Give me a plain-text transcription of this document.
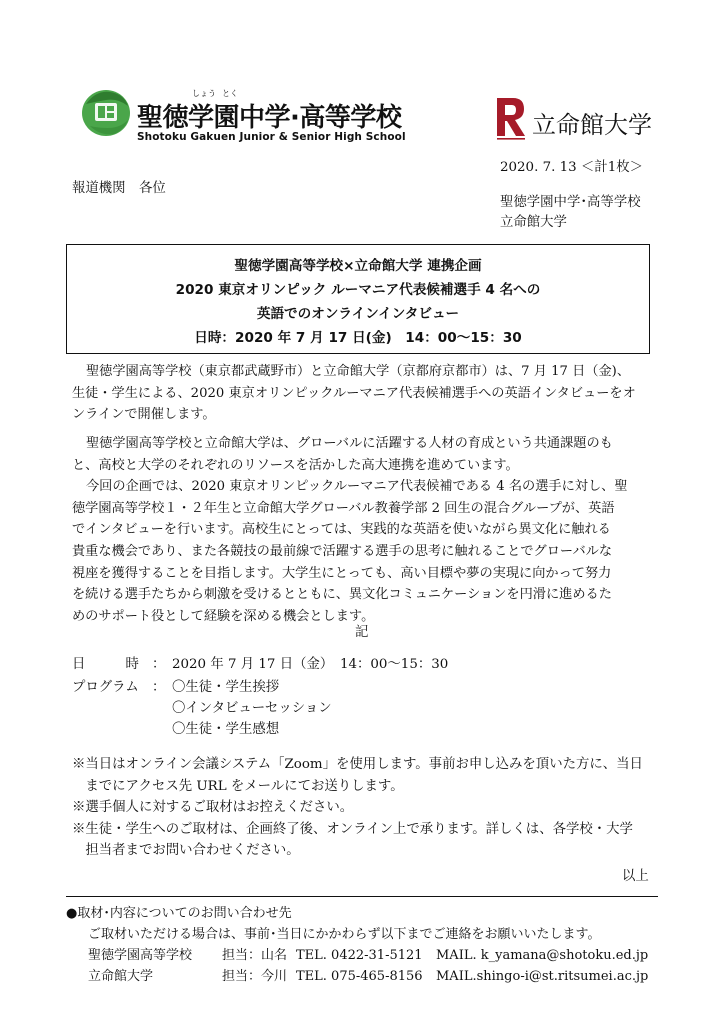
しょう とく
聖徳学園中学·高等学校
Shotoku Gakuen Junior & Senior High School	立命館大学
2020. 7. 13 ＜計1枚＞
報道機関　各位
聖徳学園中学･高等学校
立命館大学
聖徳学園高等学校×立命館大学 連携企画
2020 東京オリンピック ルーマニア代表候補選手 4 名への
英語でのオンラインインタビュー
日時：2020 年 7 月 17 日(金)　14：00～15：30
聖徳学園高等学校（東京都武蔵野市）と立命館大学（京都府京都市）は、7 月 17 日（金)、
生徒・学生による、2020 東京オリンピックルーマニア代表候補選手への英語インタビューをオ
ンラインで開催します。
聖徳学園高等学校と立命館大学は、グローバルに活躍する人材の育成という共通課題のも
と、高校と大学のそれぞれのリソースを活かした高大連携を進めています。
今回の企画では、2020 東京オリンピックルーマニア代表候補である 4 名の選手に対し、聖
徳学園高等学校１・２年生と立命館大学グローバル教養学部 2 回生の混合グループが、英語
でインタビューを行います。高校生にとっては、実践的な英語を使いながら異文化に触れる
貴重な機会であり、また各競技の最前線で活躍する選手の思考に触れることでグローバルな
視座を獲得することを目指します。大学生にとっても、高い目標や夢の実現に向かって努力
を続ける選手たちから刺激を受けるとともに、異文化コミュニケーションを円滑に進めるた
めのサポート役として経験を深める機会とします。
記
日　　　時 ： 2020 年 7 月 17 日（金）　14：00～15：30
プログラム ： 〇生徒・学生挨拶
〇インタビューセッション
〇生徒・学生感想
※当日はオンライン会議システム「Zoom」を使用します。事前お申し込みを頂いた方に、当日
　までにアクセス先 URL をメールにてお送りします。
※選手個人に対するご取材はお控えください。
※生徒・学生へのご取材は、企画終了後、オンライン上で承ります。詳しくは、各学校・大学
　担当者までお問い合わせください。
以上
●取材･内容についてのお問い合わせ先
ご取材いただける場合は、事前･当日にかかわらず以下までご連絡をお願いいたします。
聖徳学園高等学校 担当：山名 TEL. 0422-31-5121 MAIL. k_yamana@shotoku.ed.jp
立命館大学	担当：今川 TEL. 075-465-8156 MAIL.shingo-i@st.ritsumei.ac.jp
